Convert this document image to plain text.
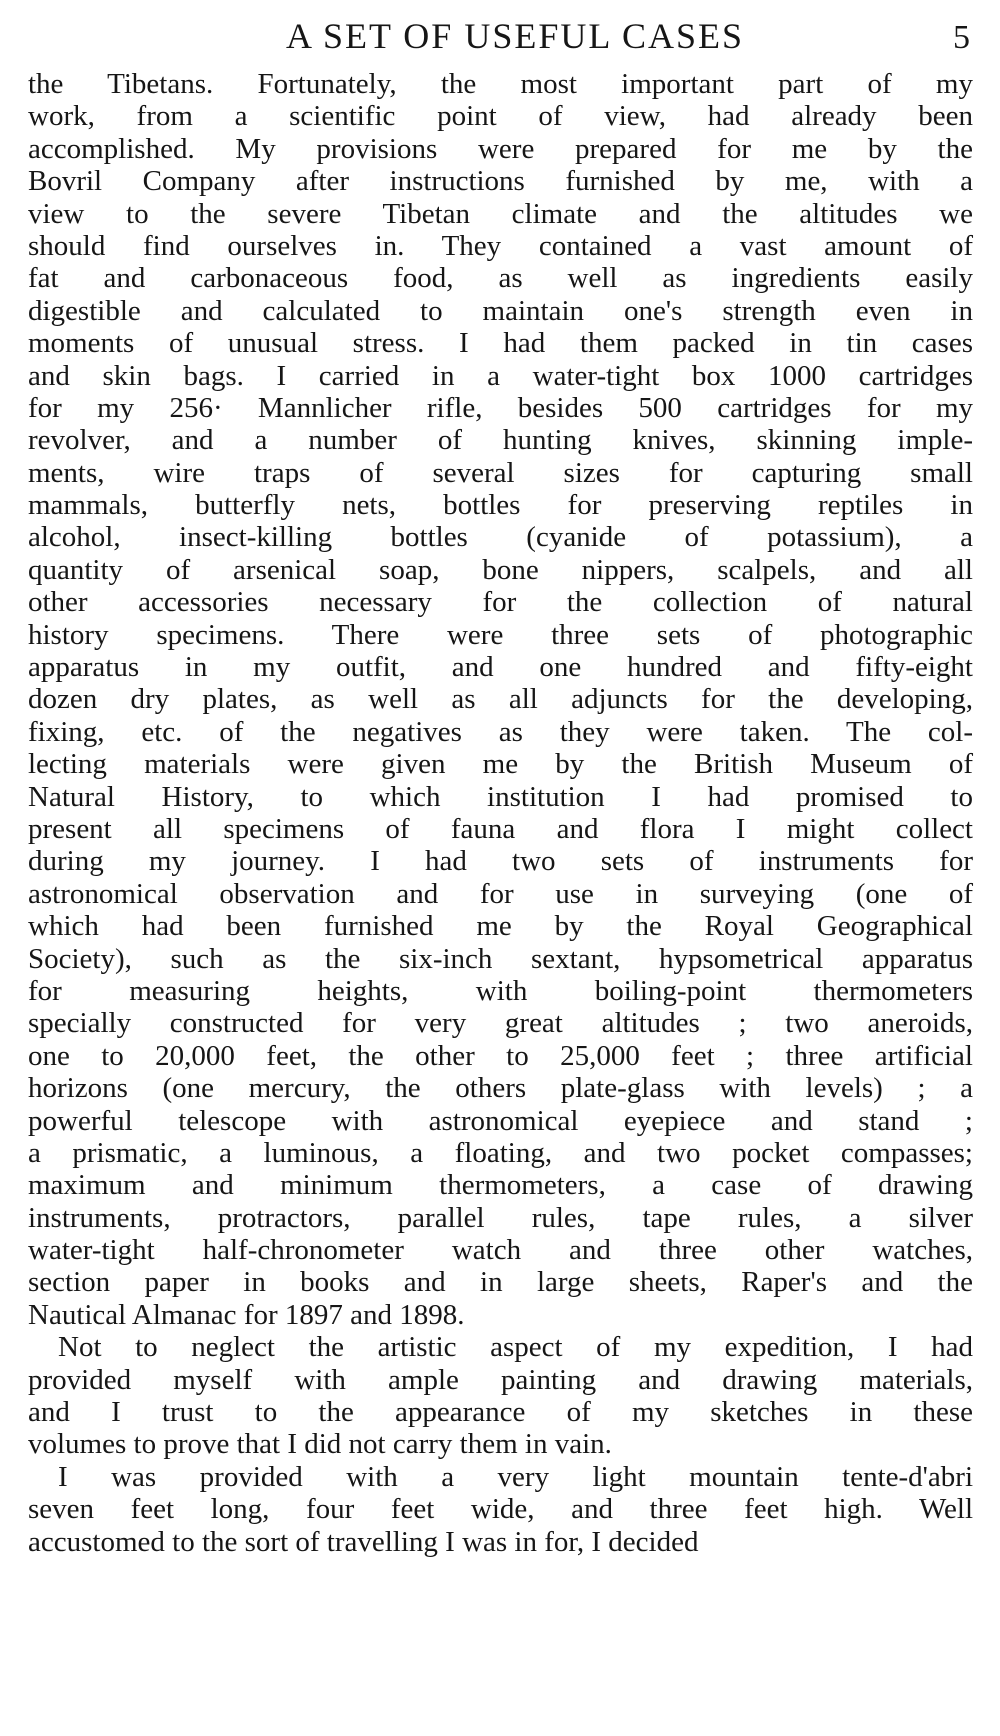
A SET OF USEFUL CASES	5
the Tibetans. Fortunately, the most important part of my
work, from a scientific point of view, had already been
accomplished. My provisions were prepared for me by the
Bovril Company after instructions furnished by me, with a
view to the severe Tibetan climate and the altitudes we
should find ourselves in. They contained a vast amount of
fat and carbonaceous food, as well as ingredients easily
digestible and calculated to maintain one's strength even in
moments of unusual stress. I had them packed in tin cases
and skin bags. I carried in a water-tight box 1000 cartridges
for my 256· Mannlicher rifle, besides 500 cartridges for my
revolver, and a number of hunting knives, skinning imple-
ments, wire traps of several sizes for capturing small
mammals, butterfly nets, bottles for preserving reptiles in
alcohol, insect-killing bottles (cyanide of potassium), a
quantity of arsenical soap, bone nippers, scalpels, and all
other accessories necessary for the collection of natural
history specimens. There were three sets of photographic
apparatus in my outfit, and one hundred and fifty-eight
dozen dry plates, as well as all adjuncts for the developing,
fixing, etc. of the negatives as they were taken. The col-
lecting materials were given me by the British Museum of
Natural History, to which institution I had promised to
present all specimens of fauna and flora I might collect
during my journey. I had two sets of instruments for
astronomical observation and for use in surveying (one of
which had been furnished me by the Royal Geographical
Society), such as the six-inch sextant, hypsometrical apparatus
for measuring heights, with boiling-point thermometers
specially constructed for very great altitudes ; two aneroids,
one to 20,000 feet, the other to 25,000 feet ; three artificial
horizons (one mercury, the others plate-glass with levels) ; a
powerful telescope with astronomical eyepiece and stand ;
a prismatic, a luminous, a floating, and two pocket compasses;
maximum and minimum thermometers, a case of drawing
instruments, protractors, parallel rules, tape rules, a silver
water-tight half-chronometer watch and three other watches,
section paper in books and in large sheets, Raper's and the
Nautical Almanac for 1897 and 1898.
Not to neglect the artistic aspect of my expedition, I had
provided myself with ample painting and drawing materials,
and I trust to the appearance of my sketches in these
volumes to prove that I did not carry them in vain.
I was provided with a very light mountain tente-d'abri
seven feet long, four feet wide, and three feet high. Well
accustomed to the sort of travelling I was in for, I decided
